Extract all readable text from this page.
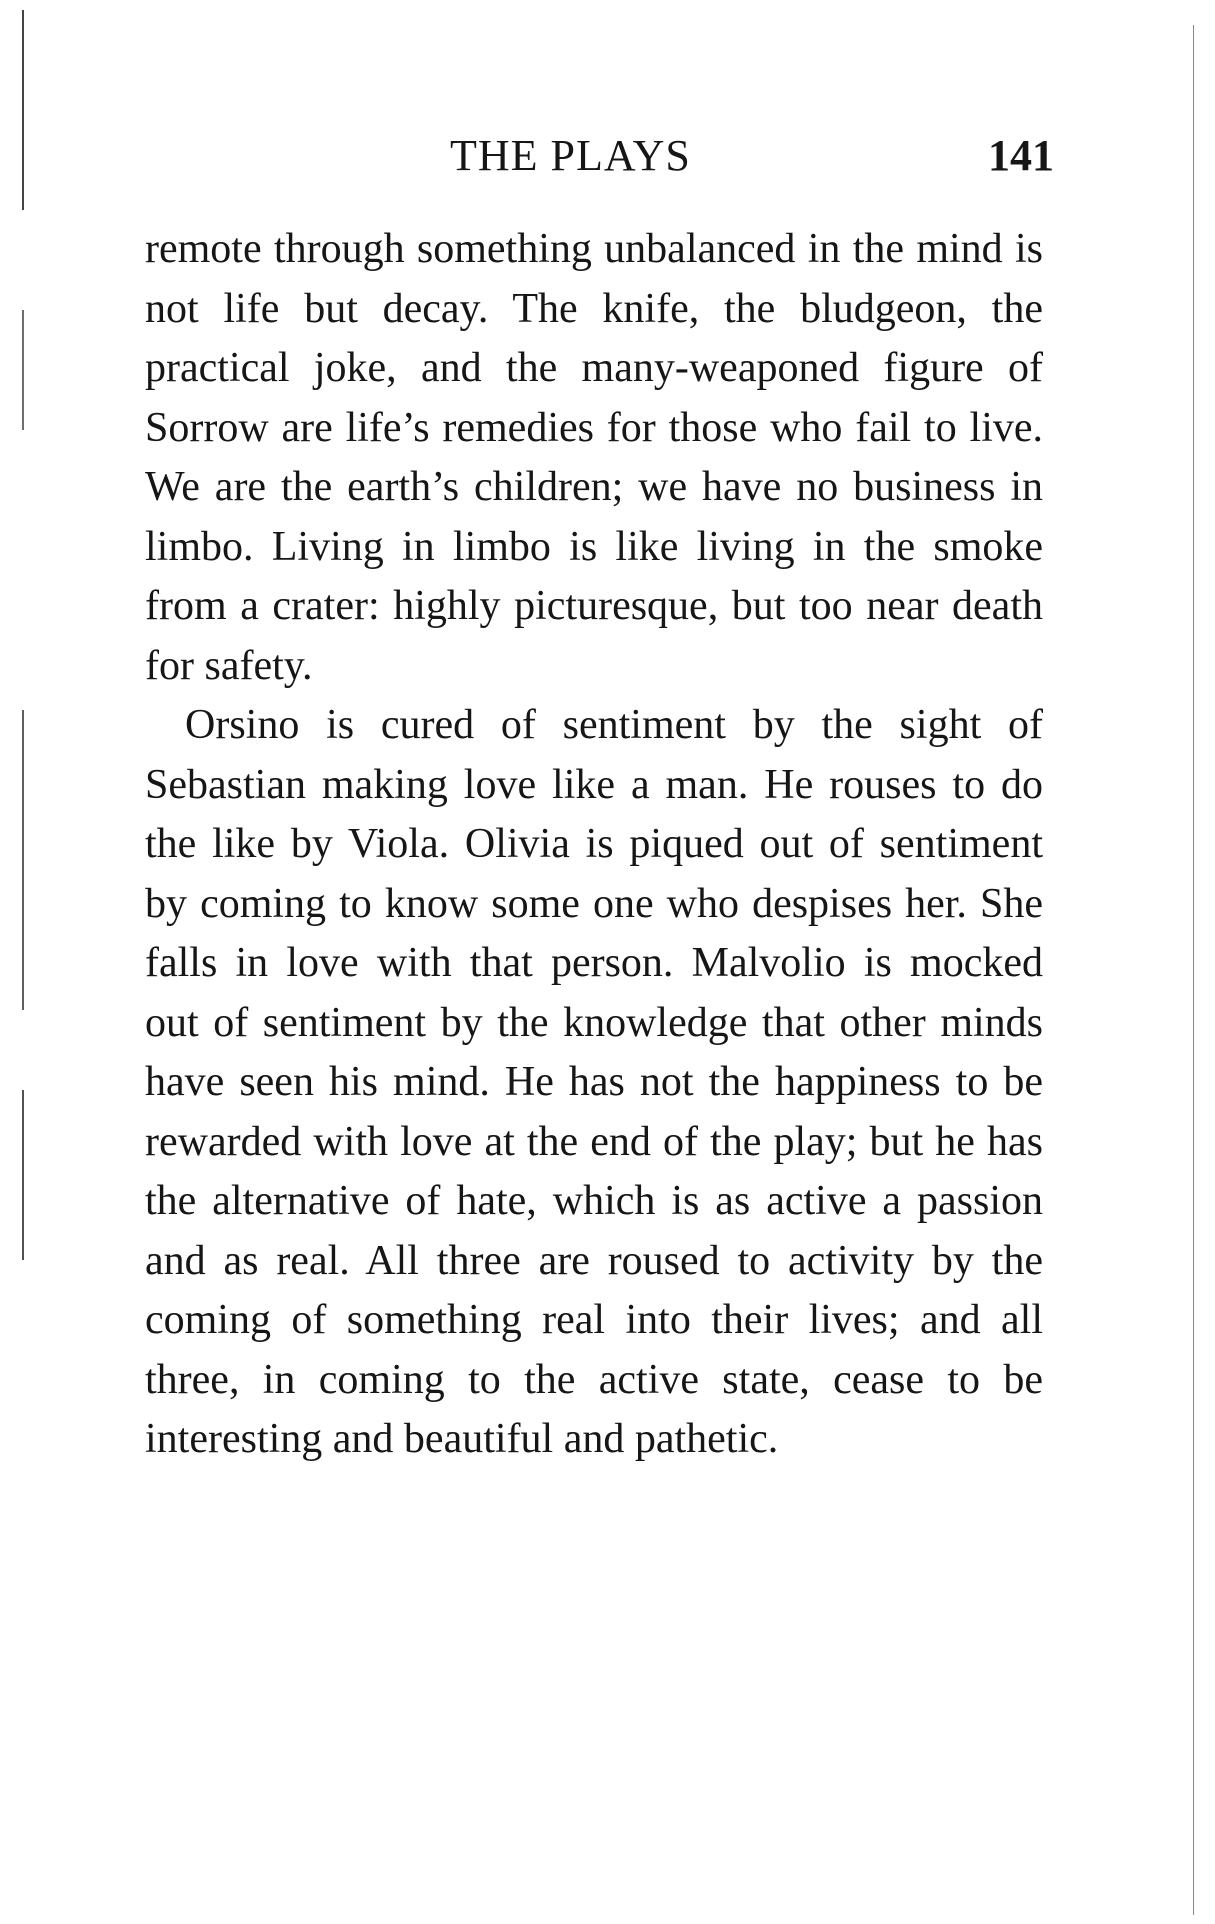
THE PLAYS	141

remote through something unbalanced in the mind is not life but decay. The knife, the bludgeon, the practical joke, and the many-weaponed figure of Sorrow are life’s remedies for those who fail to live. We are the earth’s children; we have no business in limbo. Living in limbo is like living in the smoke from a crater: highly picturesque, but too near death for safety.

Orsino is cured of sentiment by the sight of Sebastian making love like a man. He rouses to do the like by Viola. Olivia is piqued out of sentiment by coming to know some one who despises her. She falls in love with that person. Malvolio is mocked out of sentiment by the knowledge that other minds have seen his mind. He has not the happiness to be rewarded with love at the end of the play; but he has the alternative of hate, which is as active a passion and as real. All three are roused to activity by the coming of something real into their lives; and all three, in coming to the active state, cease to be interesting and beautiful and pathetic.
